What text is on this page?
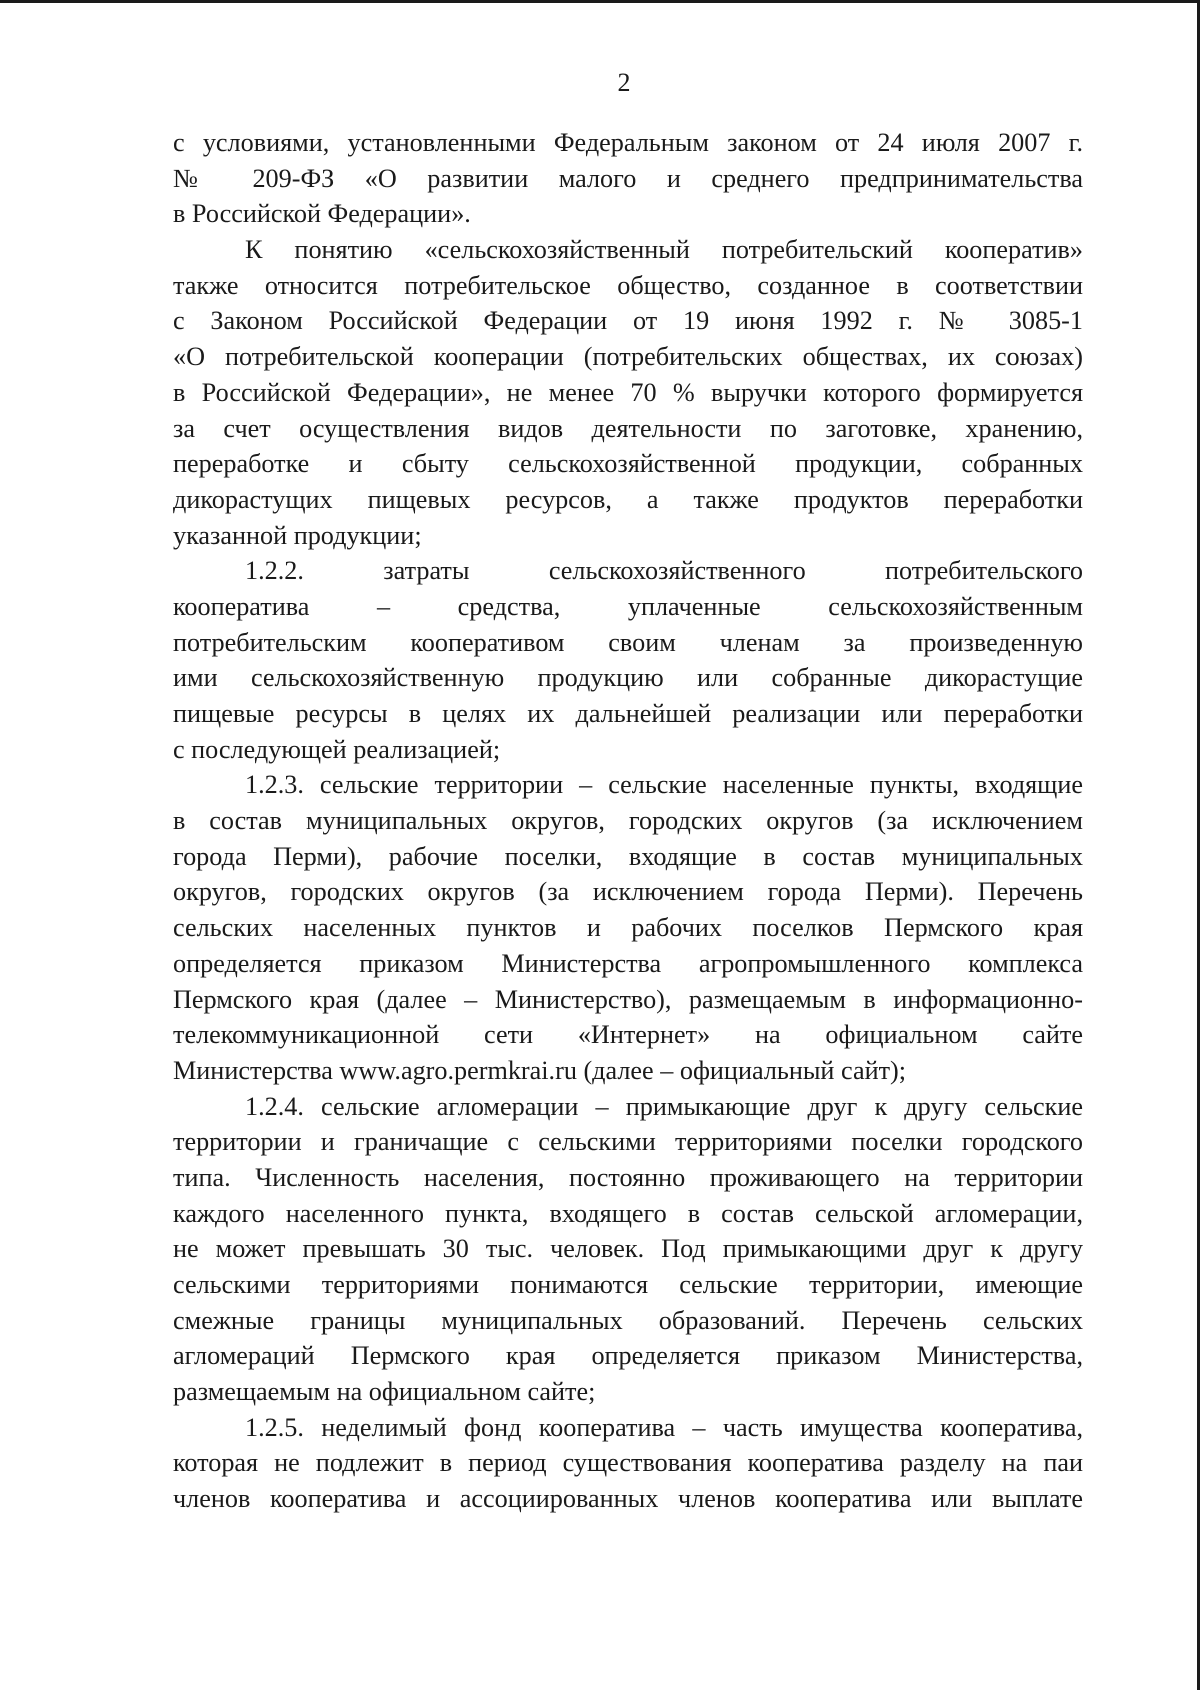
2
с условиями, установленными Федеральным законом от 24 июля 2007 г.
№ 209-ФЗ «О развитии малого и среднего предпринимательства
в Российской Федерации».
К понятию «сельскохозяйственный потребительский кооператив»
также относится потребительское общество, созданное в соответствии
с Законом Российской Федерации от 19 июня 1992 г. № 3085-1
«О потребительской кооперации (потребительских обществах, их союзах)
в Российской Федерации», не менее 70 % выручки которого формируется
за счет осуществления видов деятельности по заготовке, хранению,
переработке и сбыту сельскохозяйственной продукции, собранных
дикорастущих пищевых ресурсов, а также продуктов переработки
указанной продукции;
1.2.2. затраты сельскохозяйственного потребительского
кооператива – средства, уплаченные сельскохозяйственным
потребительским кооперативом своим членам за произведенную
ими сельскохозяйственную продукцию или собранные дикорастущие
пищевые ресурсы в целях их дальнейшей реализации или переработки
с последующей реализацией;
1.2.3. сельские территории – сельские населенные пункты, входящие
в состав муниципальных округов, городских округов (за исключением
города Перми), рабочие поселки, входящие в состав муниципальных
округов, городских округов (за исключением города Перми). Перечень
сельских населенных пунктов и рабочих поселков Пермского края
определяется приказом Министерства агропромышленного комплекса
Пермского края (далее – Министерство), размещаемым в информационно-
телекоммуникационной сети «Интернет» на официальном сайте
Министерства www.agro.permkrai.ru (далее – официальный сайт);
1.2.4. сельские агломерации – примыкающие друг к другу сельские
территории и граничащие с сельскими территориями поселки городского
типа. Численность населения, постоянно проживающего на территории
каждого населенного пункта, входящего в состав сельской агломерации,
не может превышать 30 тыс. человек. Под примыкающими друг к другу
сельскими территориями понимаются сельские территории, имеющие
смежные границы муниципальных образований. Перечень сельских
агломераций Пермского края определяется приказом Министерства,
размещаемым на официальном сайте;
1.2.5. неделимый фонд кооператива – часть имущества кооператива,
которая не подлежит в период существования кооператива разделу на паи
членов кооператива и ассоциированных членов кооператива или выплате
